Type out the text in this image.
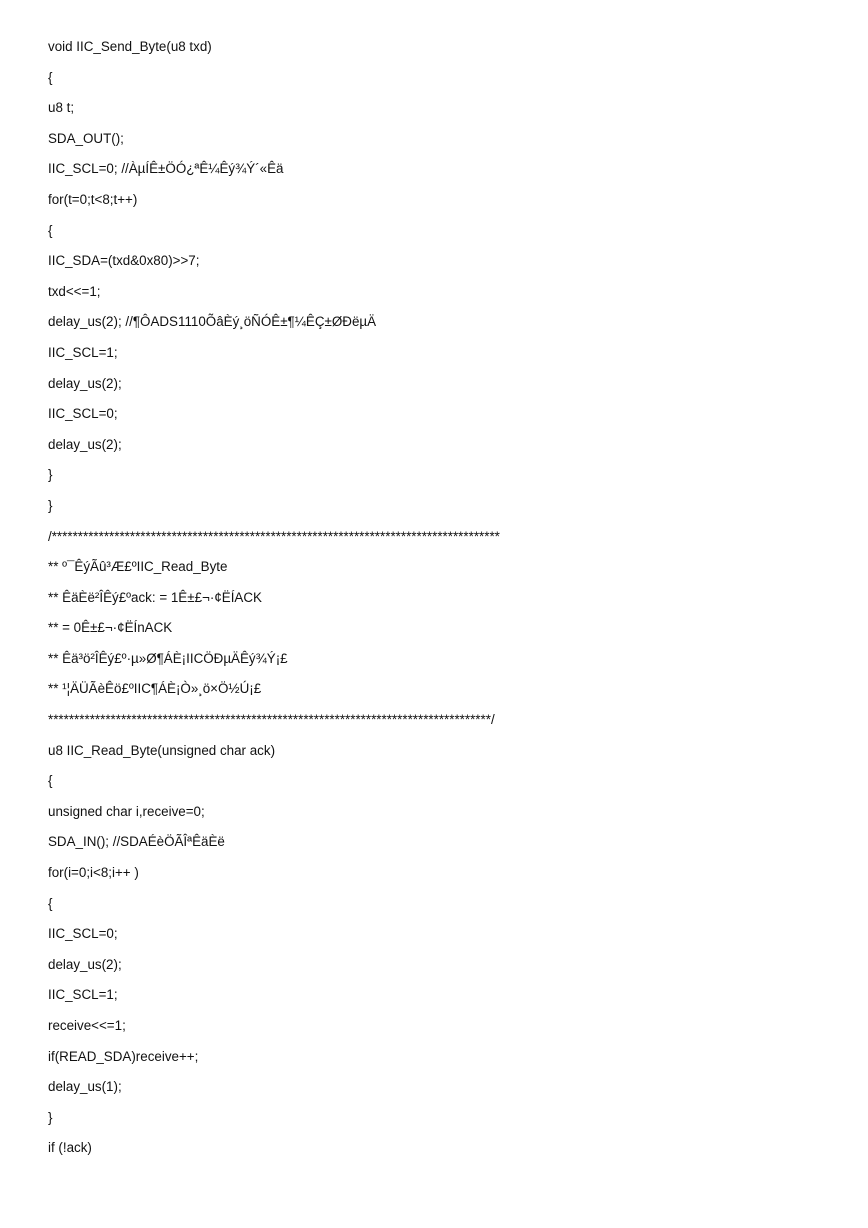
void IIC_Send_Byte(u8 txd)
{
u8 t;
SDA_OUT();
IIC_SCL=0; //ÀµÍÊ±ÖÓ¿ªÊ¼Êý¾Ý´«Êä
for(t=0;t<8;t++)
{
IIC_SDA=(txd&0x80)>>7;
txd<<=1;
delay_us(2); //¶ÔADS1110ÕâÈý¸öÑÓÊ±¶¼ÊÇ±ØÐëµÄ
IIC_SCL=1;
delay_us(2);
IIC_SCL=0;
delay_us(2);
}
}
/**************************************************************************************
** º¯ÊýÃû³Æ£ºIIC_Read_Byte
** ÊäÈë²ÎÊý£ºack: = 1Ê±£¬·¢ËÍACK
** = 0Ê±£¬·¢ËÍnACK
** Êä³ö²ÎÊý£º·µ»Ø¶ÁÈ¡IICÖÐµÄÊý¾Ý¡£
** ¹¦ÄÜÃèÊö£ºIIC¶ÁÈ¡Ò»¸ö×Ö½Ú¡£
*************************************************************************************/
u8 IIC_Read_Byte(unsigned char ack)
{
unsigned char i,receive=0;
SDA_IN(); //SDAÉèÖÃÎªÊäÈë
for(i=0;i<8;i++ )
{
IIC_SCL=0;
delay_us(2);
IIC_SCL=1;
receive<<=1;
if(READ_SDA)receive++;
delay_us(1);
}
if (!ack)
